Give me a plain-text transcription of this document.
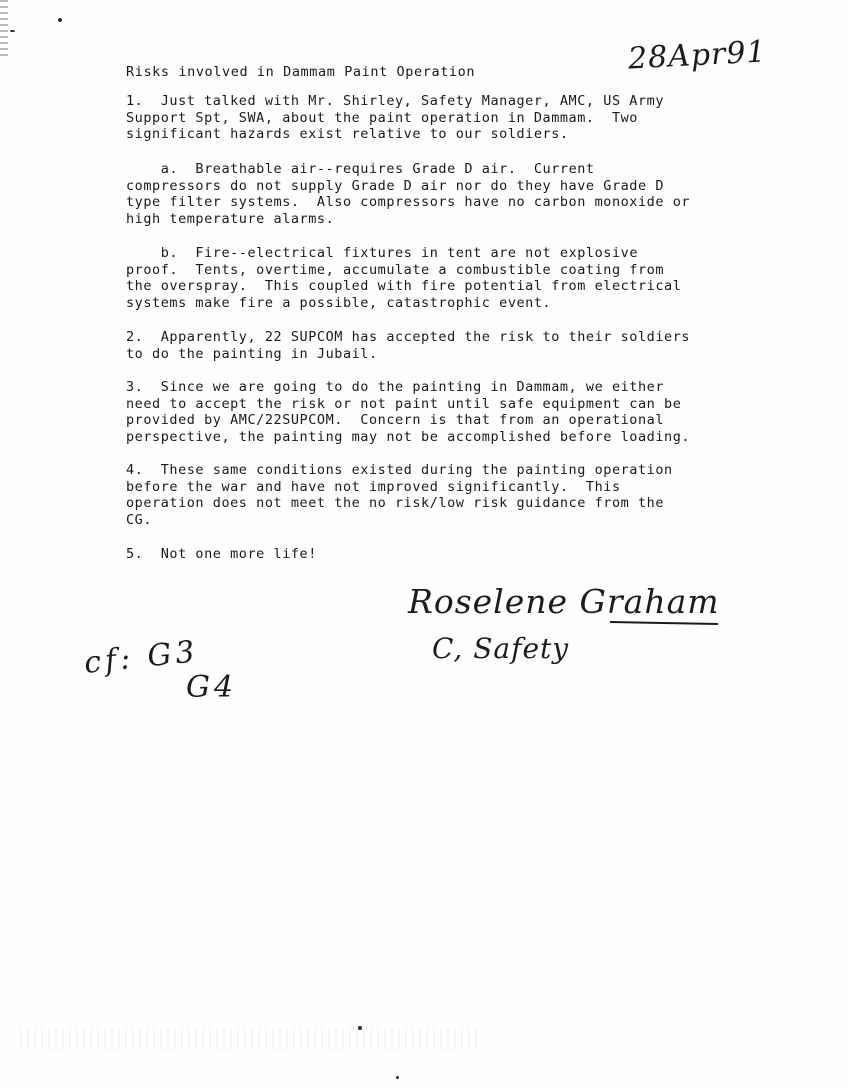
28Apr91
Risks involved in Dammam Paint Operation

1.  Just talked with Mr. Shirley, Safety Manager, AMC, US Army
Support Spt, SWA, about the paint operation in Dammam.  Two
significant hazards exist relative to our soldiers.

a.  Breathable air--requires Grade D air.  Current
compressors do not supply Grade D air nor do they have Grade D
type filter systems.  Also compressors have no carbon monoxide or
high temperature alarms.

b.  Fire--electrical fixtures in tent are not explosive
proof.  Tents, overtime, accumulate a combustible coating from
the overspray.  This coupled with fire potential from electrical
systems make fire a possible, catastrophic event.

2.  Apparently, 22 SUPCOM has accepted the risk to their soldiers
to do the painting in Jubail.

3.  Since we are going to do the painting in Dammam, we either
need to accept the risk or not paint until safe equipment can be
provided by AMC/22SUPCOM.  Concern is that from an operational
perspective, the painting may not be accomplished before loading.

4.  These same conditions existed during the painting operation
before the war and have not improved significantly.  This
operation does not meet the no risk/low risk guidance from the
CG.

5.  Not one more life!

Roselene Graham
C, Safety
cf: G3
G4
